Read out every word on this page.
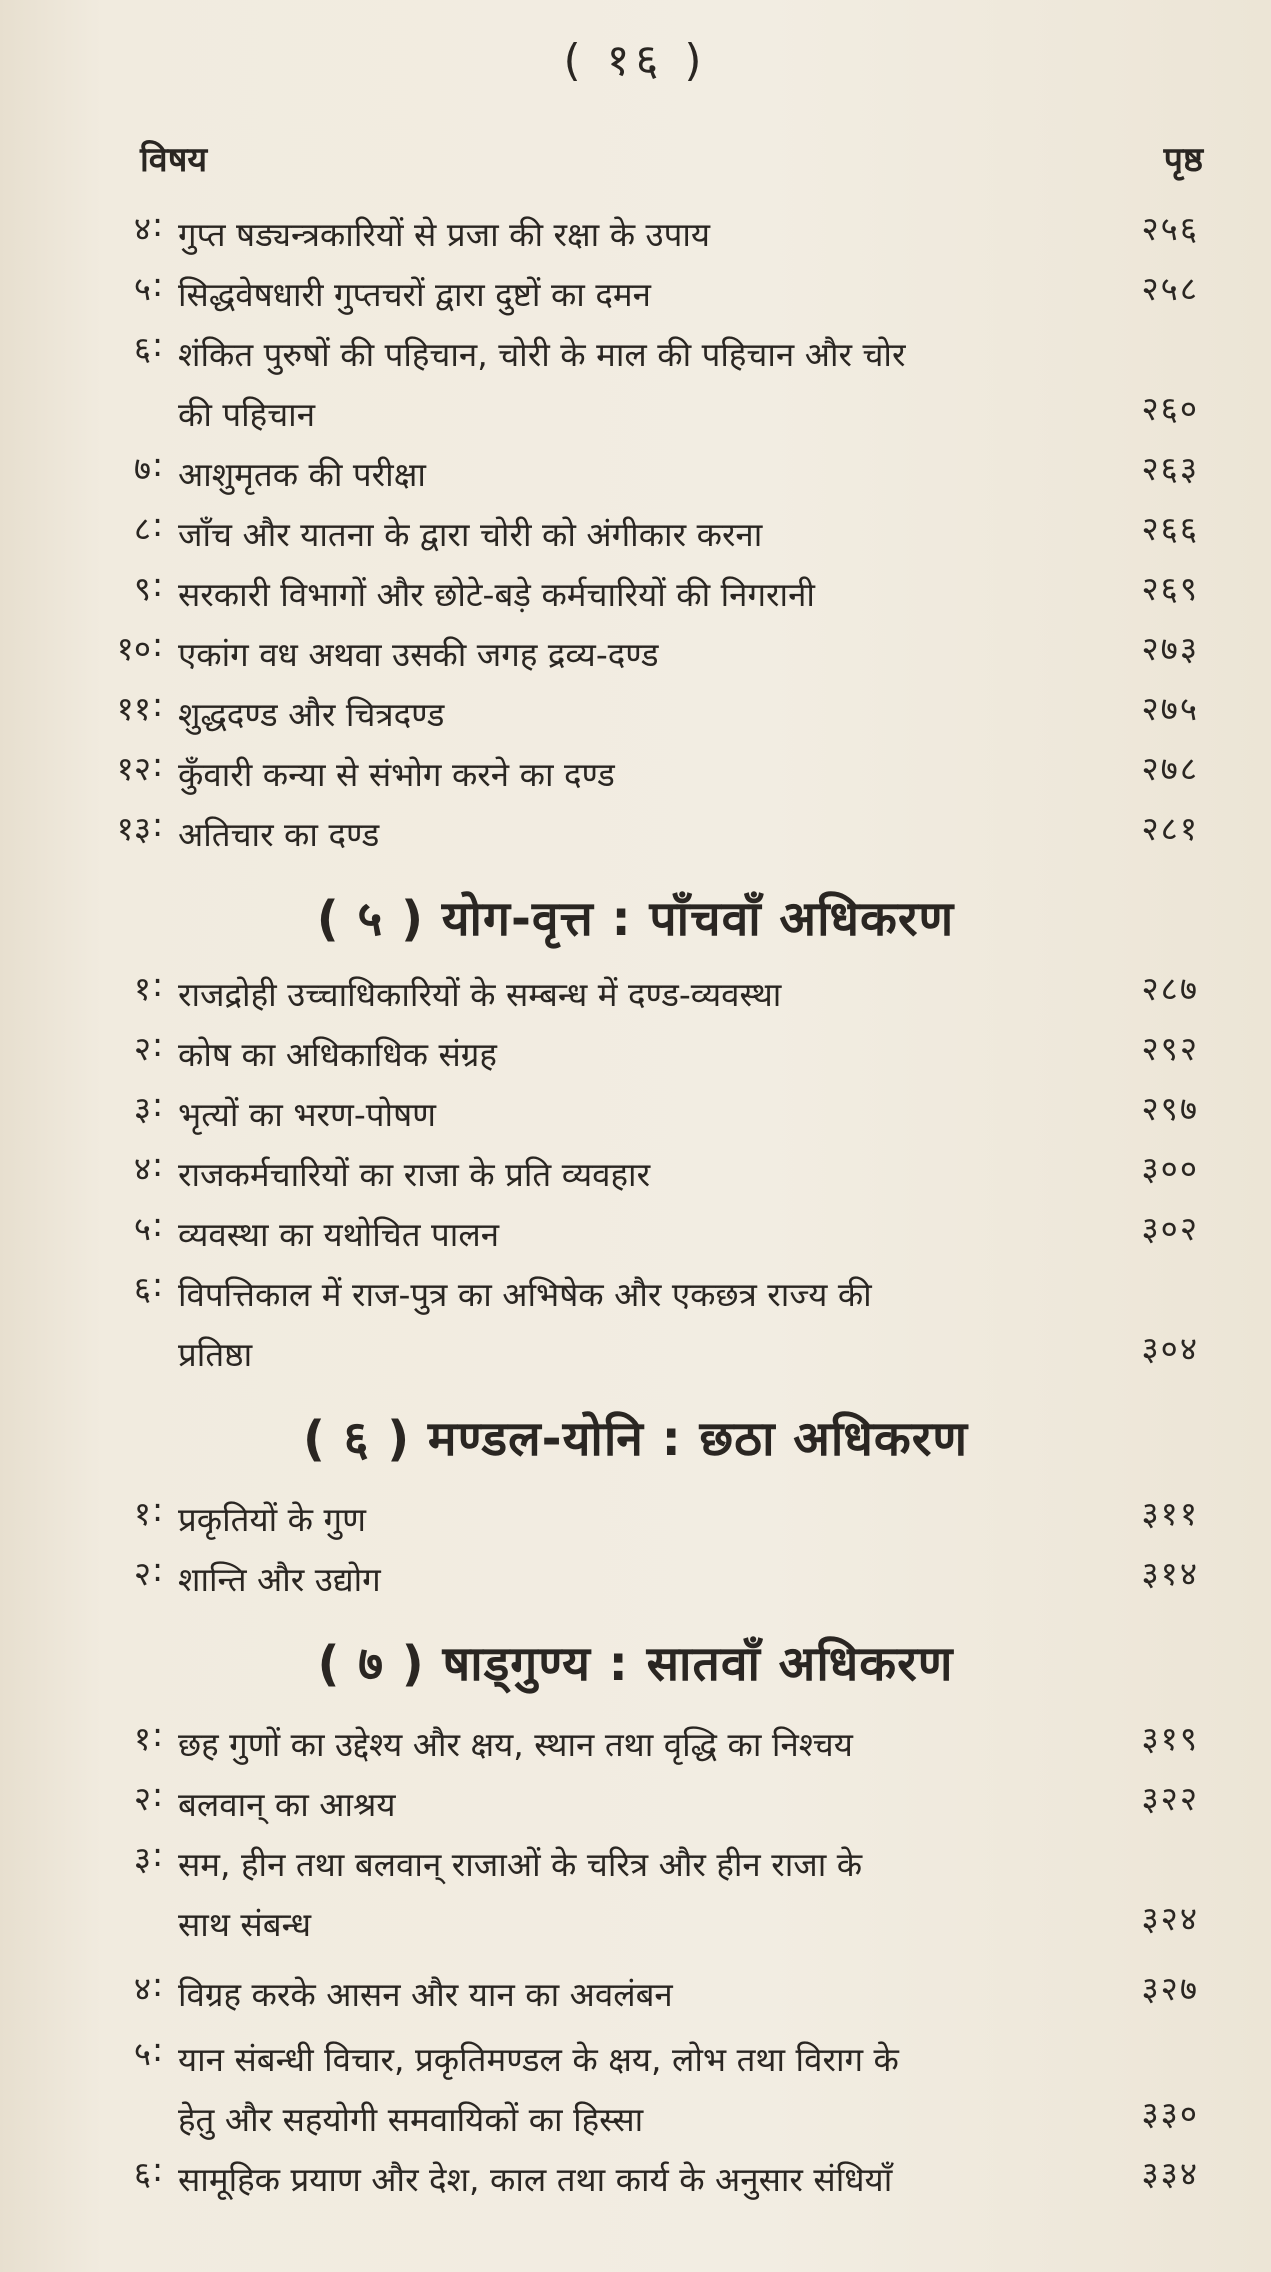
( १६ )
विषय	पृष्ठ
४ : गुप्त षड्यन्त्रकारियों से प्रजा की रक्षा के उपाय	२५६
५ : सिद्धवेषधारी गुप्तचरों द्वारा दुष्टों का दमन	२५८
६ : शंकित पुरुषों की पहिचान, चोरी के माल की पहिचान और चोर
की पहिचान	२६०
७ : आशुमृतक की परीक्षा	२६३
८ : जाँच और यातना के द्वारा चोरी को अंगीकार करना	२६६
९ : सरकारी विभागों और छोटे-बड़े कर्मचारियों की निगरानी	२६९
१० : एकांग वध अथवा उसकी जगह द्रव्य-दण्ड	२७३
११ : शुद्धदण्ड और चित्रदण्ड	२७५
१२ : कुँवारी कन्या से संभोग करने का दण्ड	२७८
१३ : अतिचार का दण्ड	२८१
( ५ ) योग-वृत्त : पाँचवाँ अधिकरण
१ : राजद्रोही उच्चाधिकारियों के सम्बन्ध में दण्ड-व्यवस्था	२८७
२ : कोष का अधिकाधिक संग्रह	२९२
३ : भृत्यों का भरण-पोषण	२९७
४ : राजकर्मचारियों का राजा के प्रति व्यवहार	३००
५ : व्यवस्था का यथोचित पालन	३०२
६ : विपत्तिकाल में राज-पुत्र का अभिषेक और एकछत्र राज्य की
प्रतिष्ठा	३०४
( ६ ) मण्डल-योनि : छठा अधिकरण
१ : प्रकृतियों के गुण	३११
२ : शान्ति और उद्योग	३१४
( ७ ) षाड्गुण्य : सातवाँ अधिकरण
१ : छह गुणों का उद्देश्य और क्षय, स्थान तथा वृद्धि का निश्चय	३१९
२ : बलवान् का आश्रय	३२२
३ : सम, हीन तथा बलवान् राजाओं के चरित्र और हीन राजा के
साथ संबन्ध	३२४
४ : विग्रह करके आसन और यान का अवलंबन	३२७
५ : यान संबन्धी विचार, प्रकृतिमण्डल के क्षय, लोभ तथा विराग के
हेतु और सहयोगी समवायिकों का हिस्सा	३३०
६ : सामूहिक प्रयाण और देश, काल तथा कार्य के अनुसार संधियाँ	३३४
